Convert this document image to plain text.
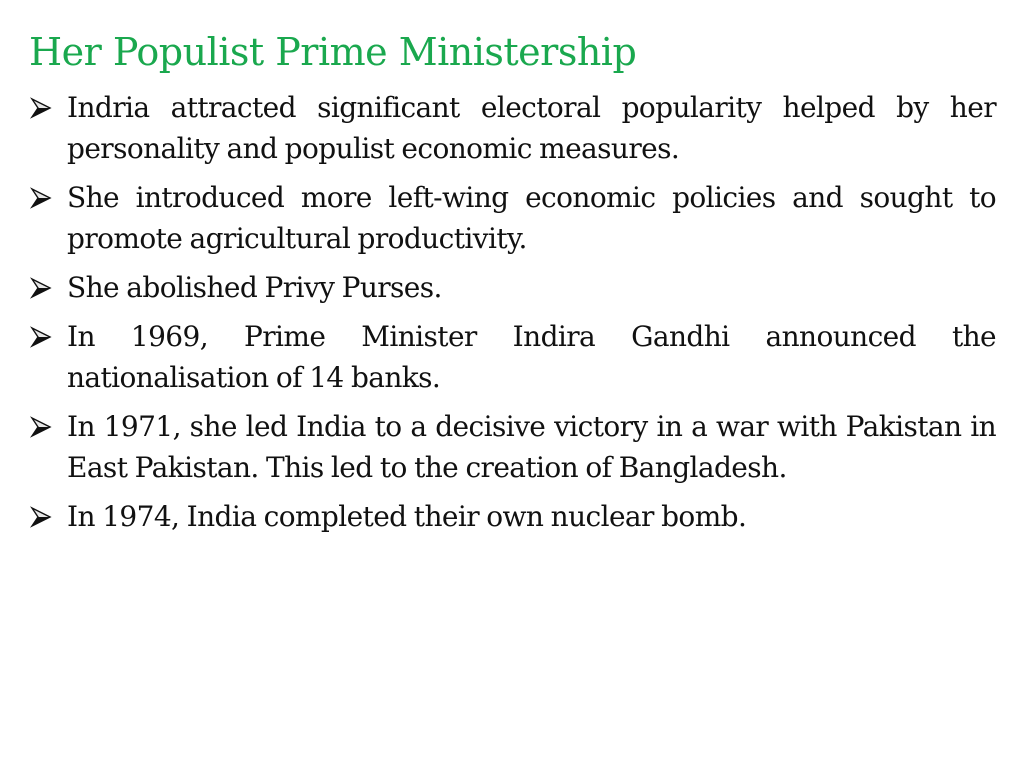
Her Populist Prime Ministership
Indria attracted significant electoral popularity helped by her personality and populist economic measures.
She introduced more left-wing economic policies and sought to promote agricultural productivity.
She abolished Privy Purses.
In 1969, Prime Minister Indira Gandhi announced the nationalisation of 14 banks.
In 1971, she led India to a decisive victory in a war with Pakistan in East Pakistan. This led to the creation of Bangladesh.
In 1974, India completed their own nuclear bomb.
